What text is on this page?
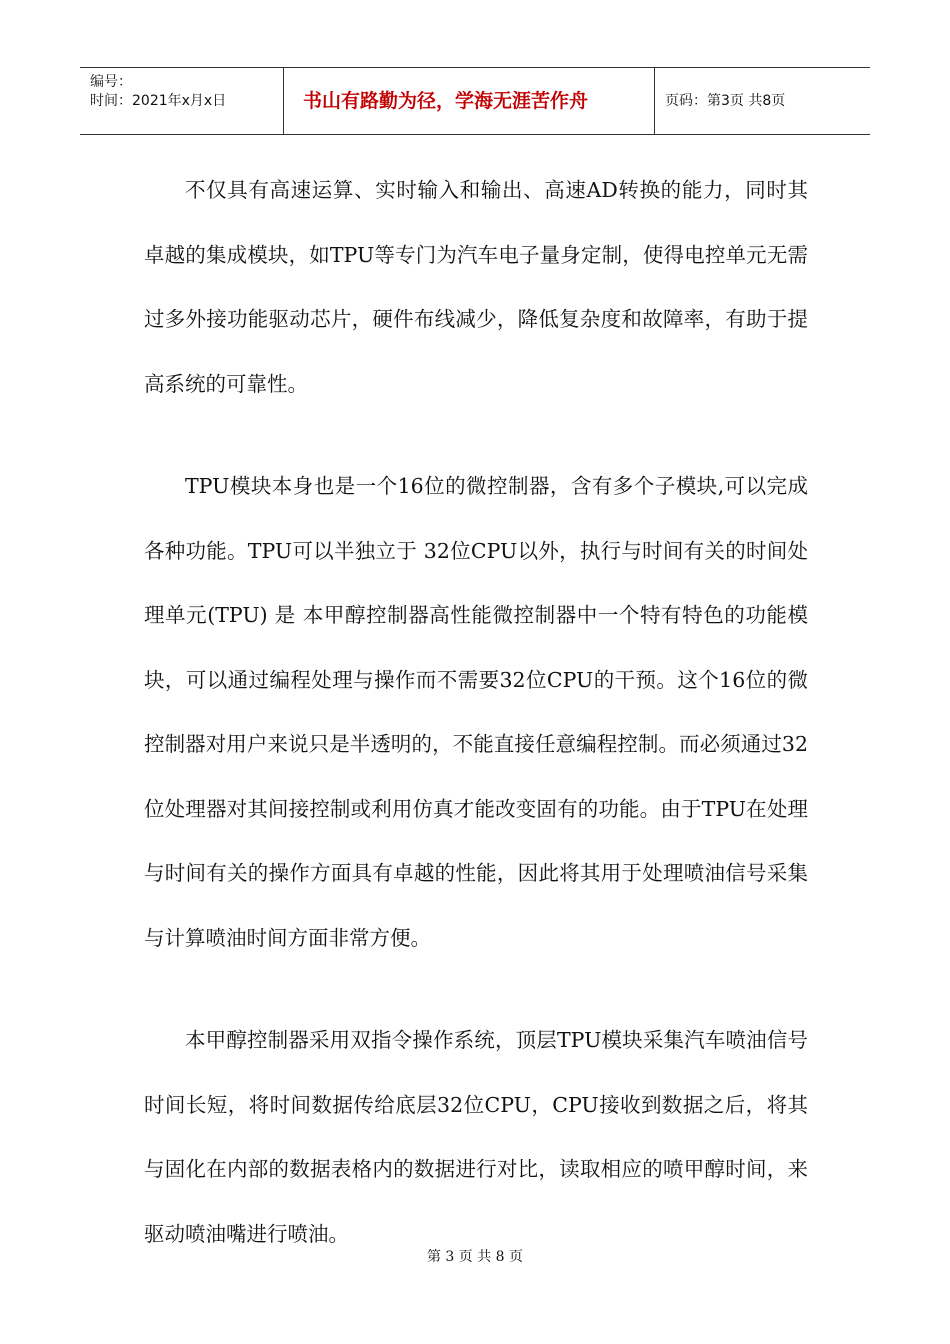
编号：
时间：2021年x月x日	书山有路勤为径，学海无涯苦作舟	页码：第3页 共8页

不仅具有高速运算、实时输入和输出、高速AD转换的能力，同时其卓越的集成模块，如TPU等专门为汽车电子量身定制，使得电控单元无需过多外接功能驱动芯片，硬件布线减少，降低复杂度和故障率，有助于提高系统的可靠性。

TPU模块本身也是一个16位的微控制器，含有多个子模块,可以完成各种功能。TPU可以半独立于 32位CPU以外，执行与时间有关的时间处理单元(TPU) 是 本甲醇控制器高性能微控制器中一个特有特色的功能模块，可以通过编程处理与操作而不需要32位CPU的干预。这个16位的微控制器对用户来说只是半透明的，不能直接任意编程控制。而必须通过32位处理器对其间接控制或利用仿真才能改变固有的功能。由于TPU在处理与时间有关的操作方面具有卓越的性能，因此将其用于处理喷油信号采集与计算喷油时间方面非常方便。

本甲醇控制器采用双指令操作系统，顶层TPU模块采集汽车喷油信号时间长短，将时间数据传给底层32位CPU，CPU接收到数据之后，将其与固化在内部的数据表格内的数据进行对比，读取相应的喷甲醇时间，来驱动喷油嘴进行喷油。

第 3 页 共 8 页
